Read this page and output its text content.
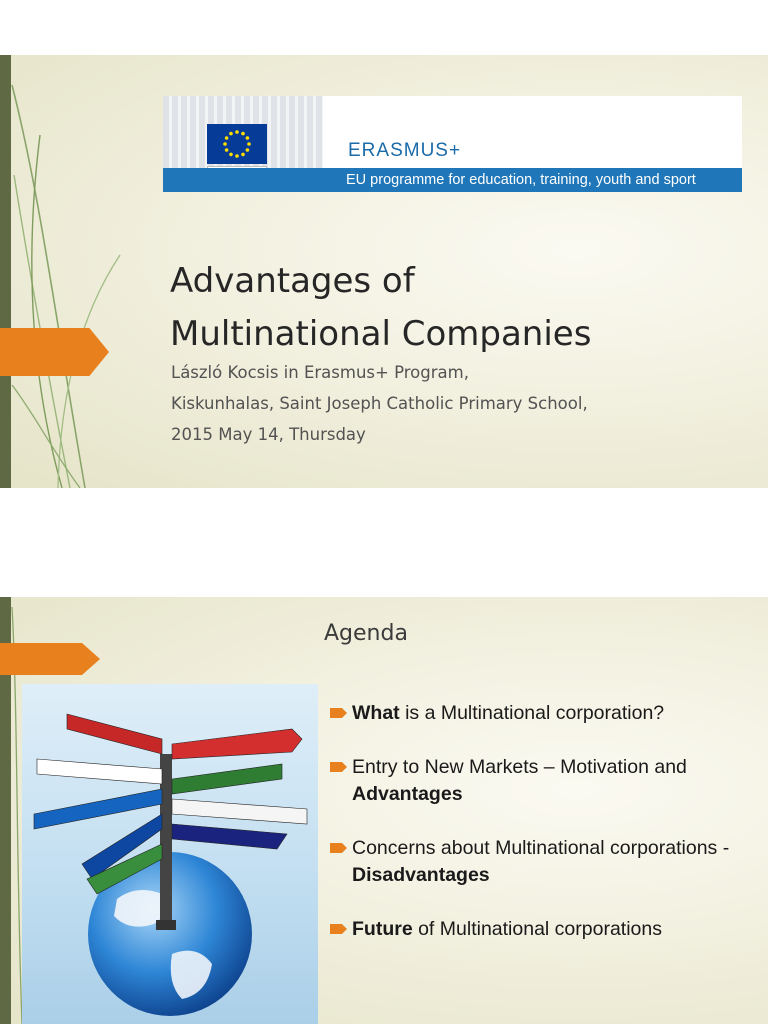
ERASMUS+
EU programme for education, training, youth and sport
Advantages of
Multinational Companies
László Kocsis in Erasmus+ Program,
Kiskunhalas, Saint Joseph Catholic Primary School,
2015 May 14, Thursday
Agenda
What is a Multinational corporation?
Entry to New Markets – Motivation and Advantages
Concerns about Multinational corporations - Disadvantages
Future of Multinational corporations
